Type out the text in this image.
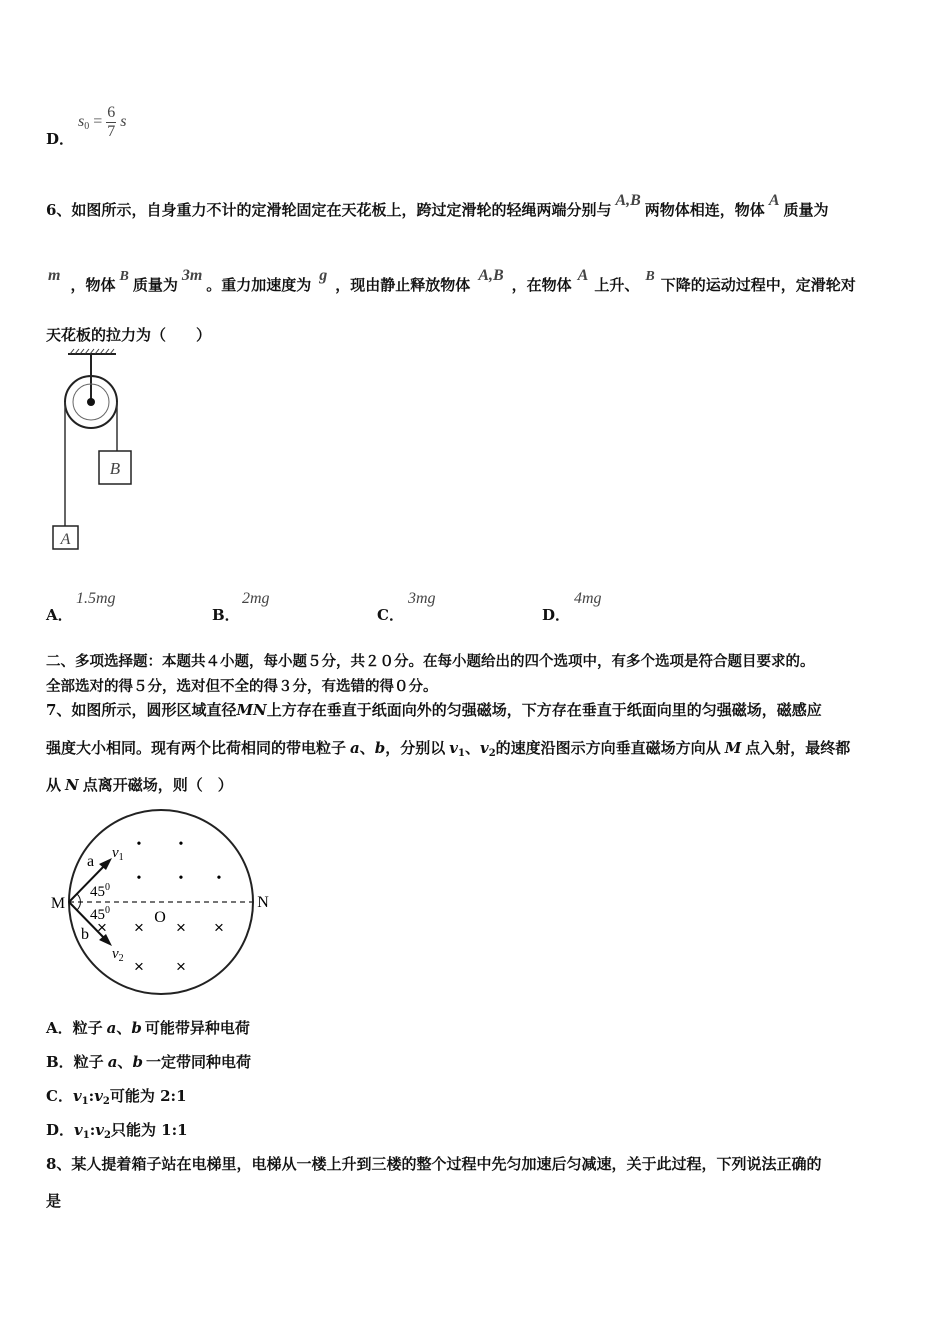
D．
$s_0 = \frac{6}{7}$ s
6、如图所示，自身重力不计的定滑轮固定在天花板上，跨过定滑轮的轻绳两端分别与A,B两物体相连，物体A质量为
m，物体 B 质量为3m。重力加速度为g，现由静止释放物体A,B，在物体A上升、 B 下降的运动过程中，定滑轮对
天花板的拉力为（　　）
B
A
A．
1.5mg
B．
2mg
C．
3mg
D．
4mg
二、多项选择题：本题共４小题，每小题５分，共２０分。在每小题给出的四个选项中，有多个选项是符合题目要求的。
全部选对的得５分，选对但不全的得３分，有选错的得０分。
7、如图所示，圆形区域直径MN上方存在垂直于纸面向外的匀强磁场，下方存在垂直于纸面向里的匀强磁场，磁感应
强度大小相同。现有两个比荷相同的带电粒子 a、b，分别以 $v_1$、$v_2$的速度沿图示方向垂直磁场方向从 M 点入射，最终都
从 N 点离开磁场，则（　）
M	N
O
a
b
$v_1$
$v_2$
$45^0$
$45^0$
•	•
•	• •
× × × ×
× ×
A．粒子 a、b 可能带异种电荷
B．粒子 a、b 一定带同种电荷
C．$v_1:v_2$可能为 2:1
D．$v_1:v_2$只能为 1:1
8、某人提着箱子站在电梯里，电梯从一楼上升到三楼的整个过程中先匀加速后匀减速，关于此过程，下列说法正确的
是
